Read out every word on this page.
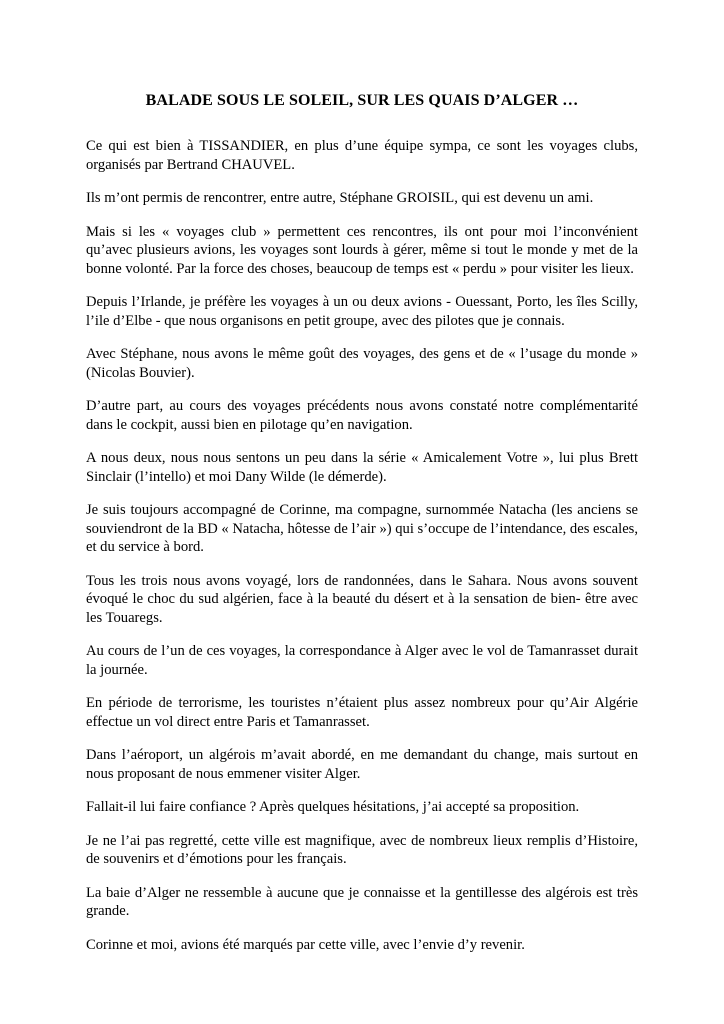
BALADE SOUS LE SOLEIL, SUR LES QUAIS D’ALGER …

Ce qui est bien à TISSANDIER, en plus d’une équipe sympa, ce sont les voyages clubs, organisés par Bertrand CHAUVEL.

Ils m’ont permis de rencontrer, entre autre, Stéphane GROISIL, qui est devenu un ami.

Mais si les « voyages club » permettent ces rencontres, ils ont pour moi l’inconvénient qu’avec plusieurs avions, les voyages sont lourds à gérer, même si tout le monde y met de la bonne volonté. Par la force des choses, beaucoup de temps est « perdu » pour visiter les lieux.

Depuis l’Irlande, je préfère les voyages à un ou deux avions - Ouessant, Porto, les îles Scilly, l’ile d’Elbe - que nous organisons en petit groupe, avec des pilotes que je connais.

Avec Stéphane, nous avons le même goût des voyages, des gens et de « l’usage du monde » (Nicolas Bouvier).

D’autre part, au cours des voyages précédents nous avons constaté notre complémentarité dans le cockpit, aussi bien en pilotage qu’en navigation.

A nous deux, nous nous sentons un peu dans la série « Amicalement Votre », lui plus Brett Sinclair (l’intello) et moi Dany Wilde (le démerde).

Je suis toujours accompagné de Corinne, ma compagne, surnommée Natacha (les anciens se souviendront de la BD « Natacha, hôtesse de l’air ») qui s’occupe de l’intendance, des escales, et du service à bord.

Tous les trois nous avons voyagé, lors de randonnées, dans le Sahara. Nous avons souvent évoqué le choc du sud algérien, face à la beauté du désert et à la sensation de bien- être avec les Touaregs.

Au cours de l’un de ces voyages, la correspondance à Alger avec le vol de Tamanrasset durait la journée.

En période de terrorisme, les touristes n’étaient plus assez nombreux pour qu’Air Algérie effectue un vol direct entre Paris et Tamanrasset.

Dans l’aéroport, un algérois m’avait abordé, en me demandant du change, mais surtout en nous proposant de nous emmener visiter Alger.

Fallait-il lui faire confiance ? Après quelques hésitations, j’ai accepté sa proposition.

Je ne l’ai pas regretté, cette ville est magnifique, avec de nombreux lieux remplis d’Histoire, de souvenirs et d’émotions pour les français.

La baie d’Alger ne ressemble à aucune que je connaisse et la gentillesse des algérois est très grande.

Corinne et moi, avions été marqués par cette ville, avec l’envie d’y revenir.
